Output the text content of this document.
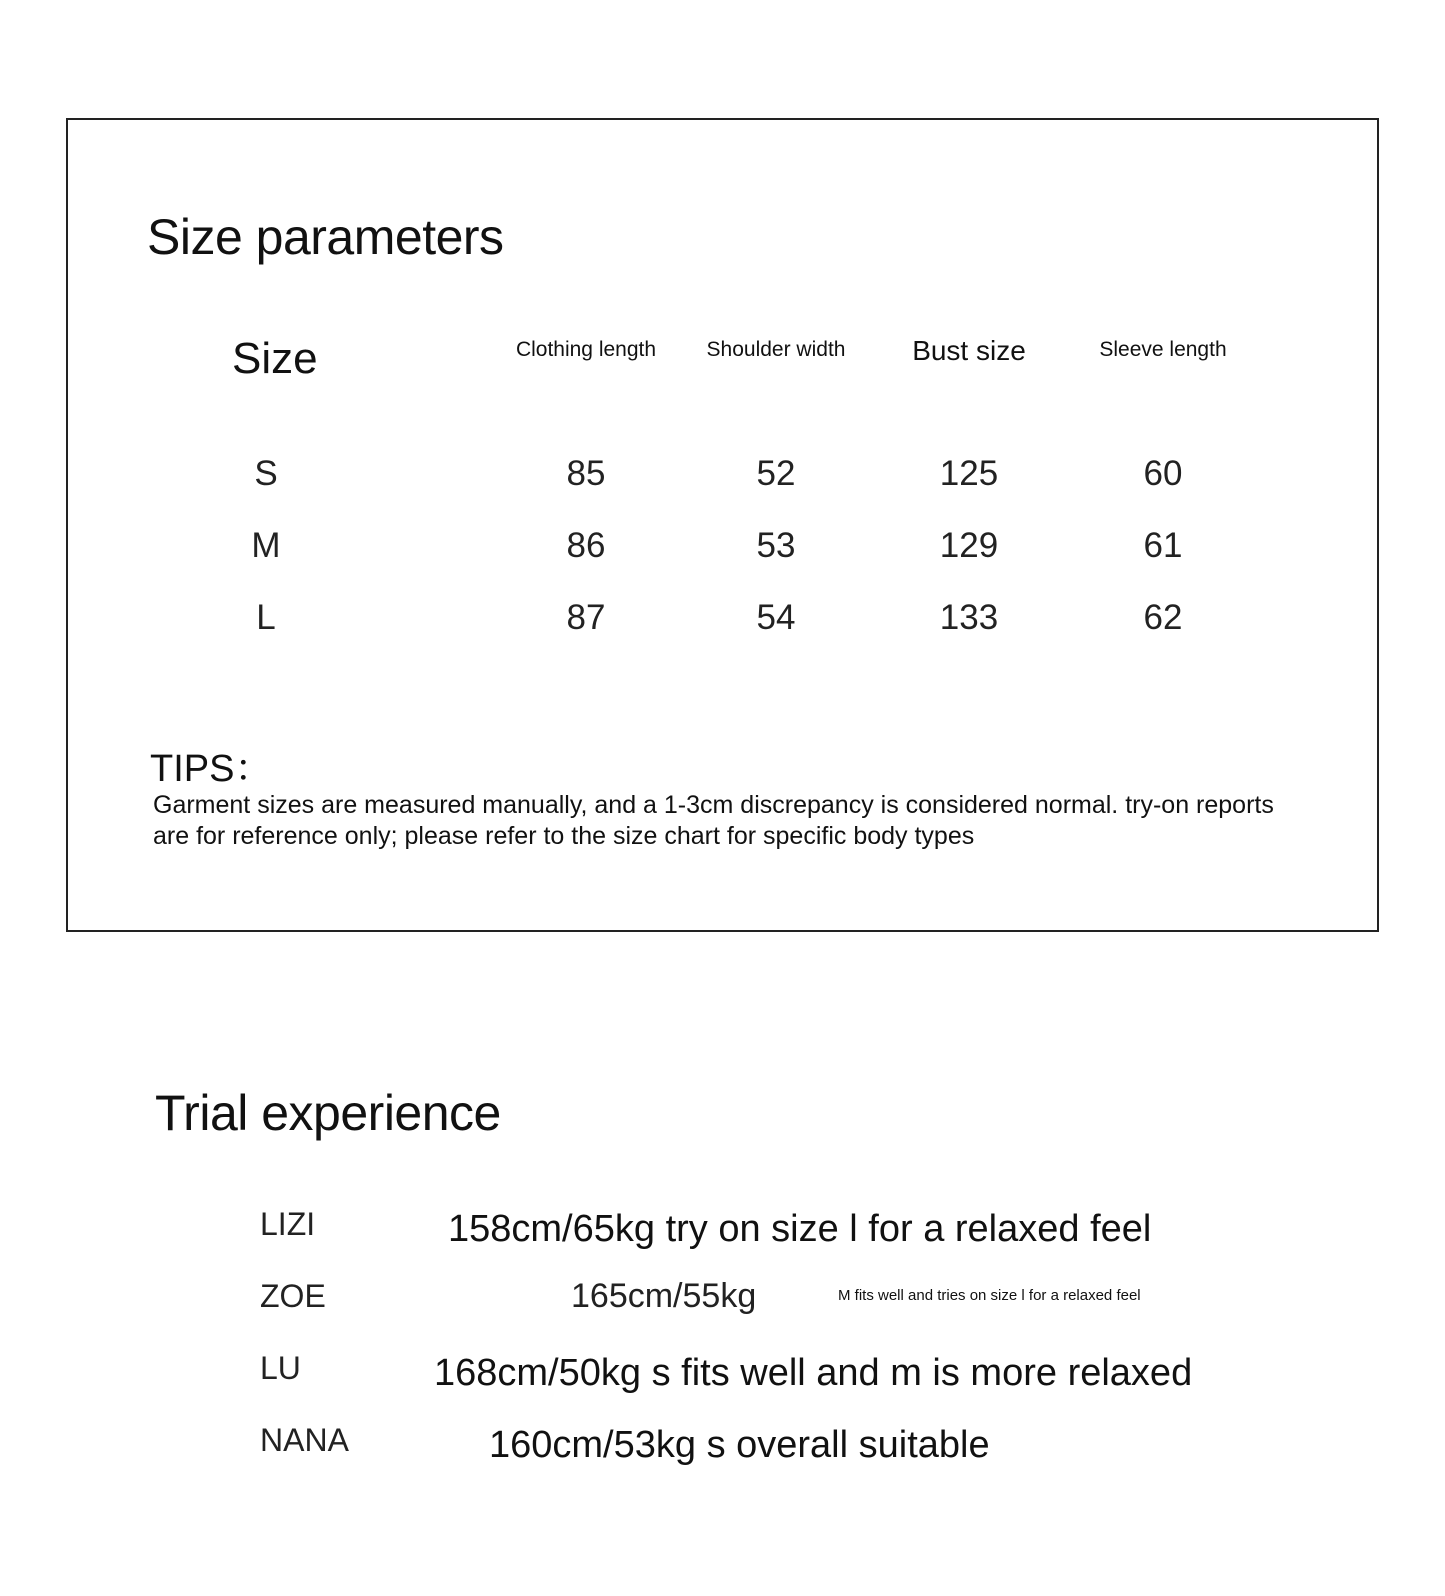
Size parameters
Size	Clothing length	Shoulder width	Bust size	Sleeve length
S	85	52	125	60
M	86	53	129	61
L	87	54	133	62
TIPS：
Garment sizes are measured manually, and a 1-3cm discrepancy is considered normal. try-on reports are for reference only; please refer to the size chart for specific body types
Trial experience
LIZI	158cm/65kg try on size l for a relaxed feel
ZOE	165cm/55kg	M fits well and tries on size l for a relaxed feel
LU	168cm/50kg s fits well and m is more relaxed
NANA	160cm/53kg s overall suitable
